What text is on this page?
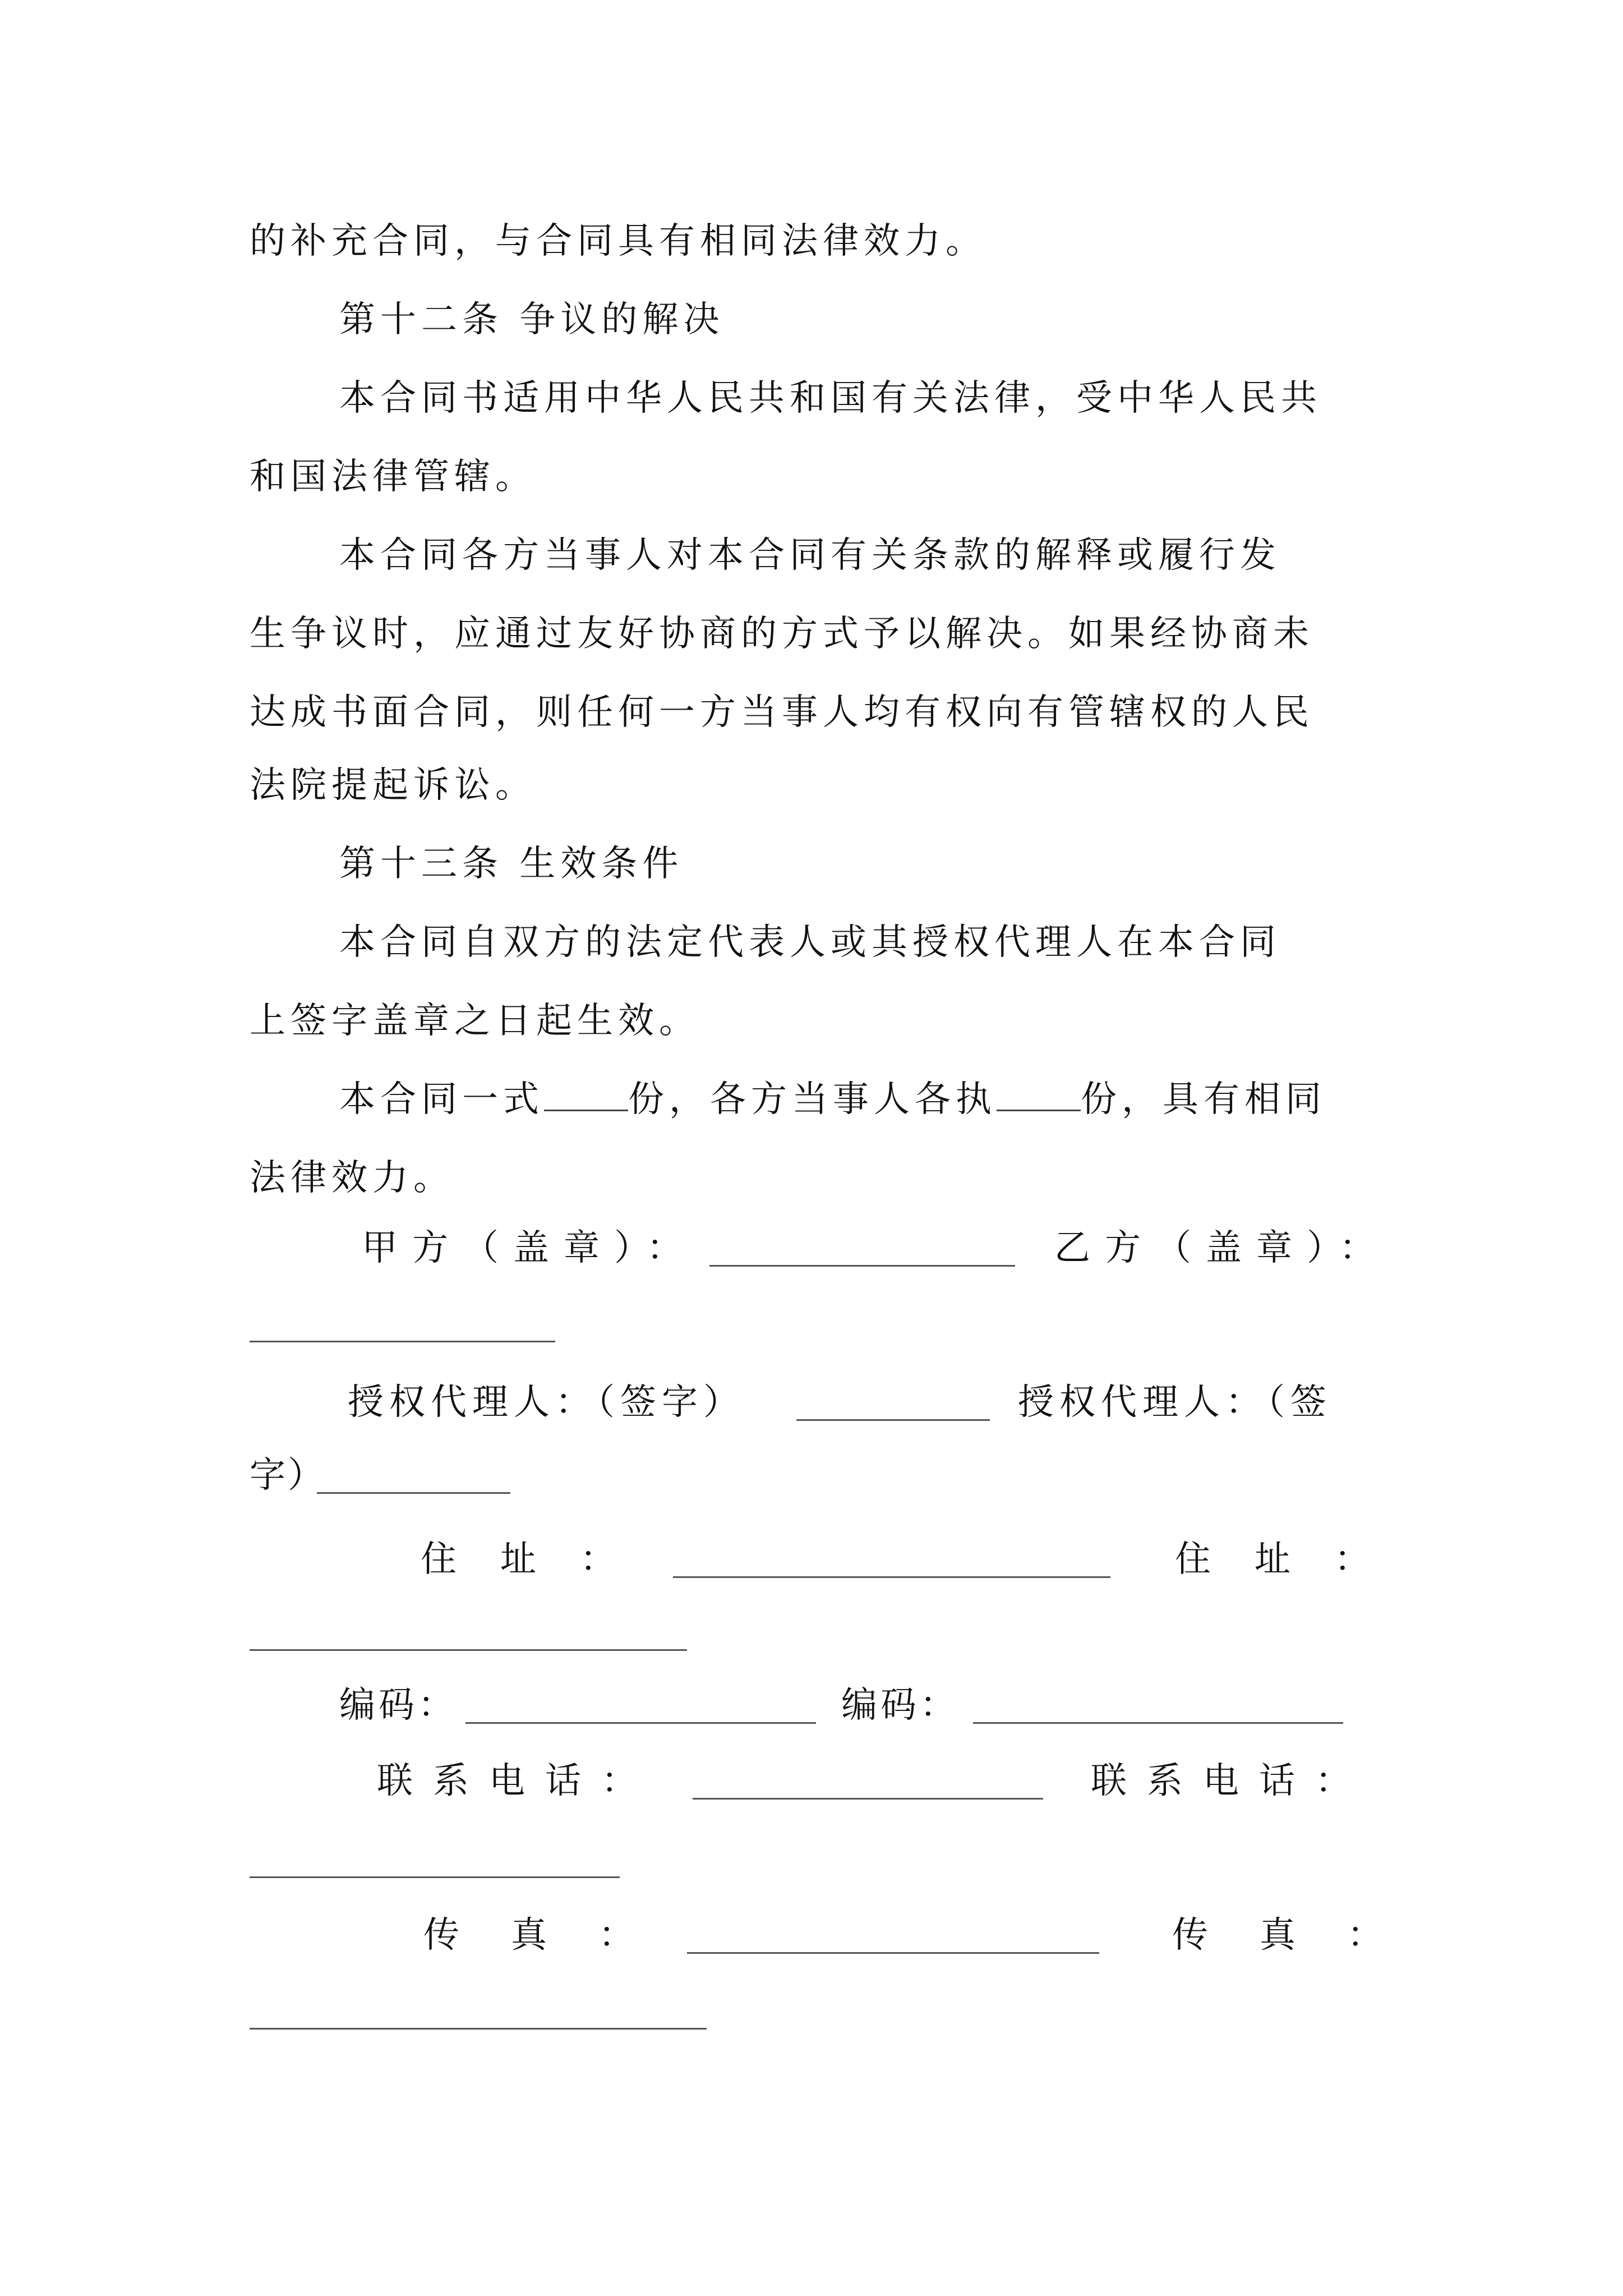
的补充合同，与合同具有相同法律效力。
第十二条 争议的解决
本合同书适用中华人民共和国有关法律，受中华人民共
和国法律管辖。
本合同各方当事人对本合同有关条款的解释或履行发
生争议时，应通过友好协商的方式予以解决。如果经协商未
达成书面合同，则任何一方当事人均有权向有管辖权的人民
法院提起诉讼。
第十三条 生效条件
本合同自双方的法定代表人或其授权代理人在本合同
上签字盖章之日起生效。
本合同一式 份，各方当事人各执 份，具有相同
法律效力。
甲方（盖章）：	乙方（盖章）：
授权代理人：（签字）	授权代理人：（签
字）
住址：	住址：
编码：	编码：
联系电话：	联系电话：
传真：	传真：
